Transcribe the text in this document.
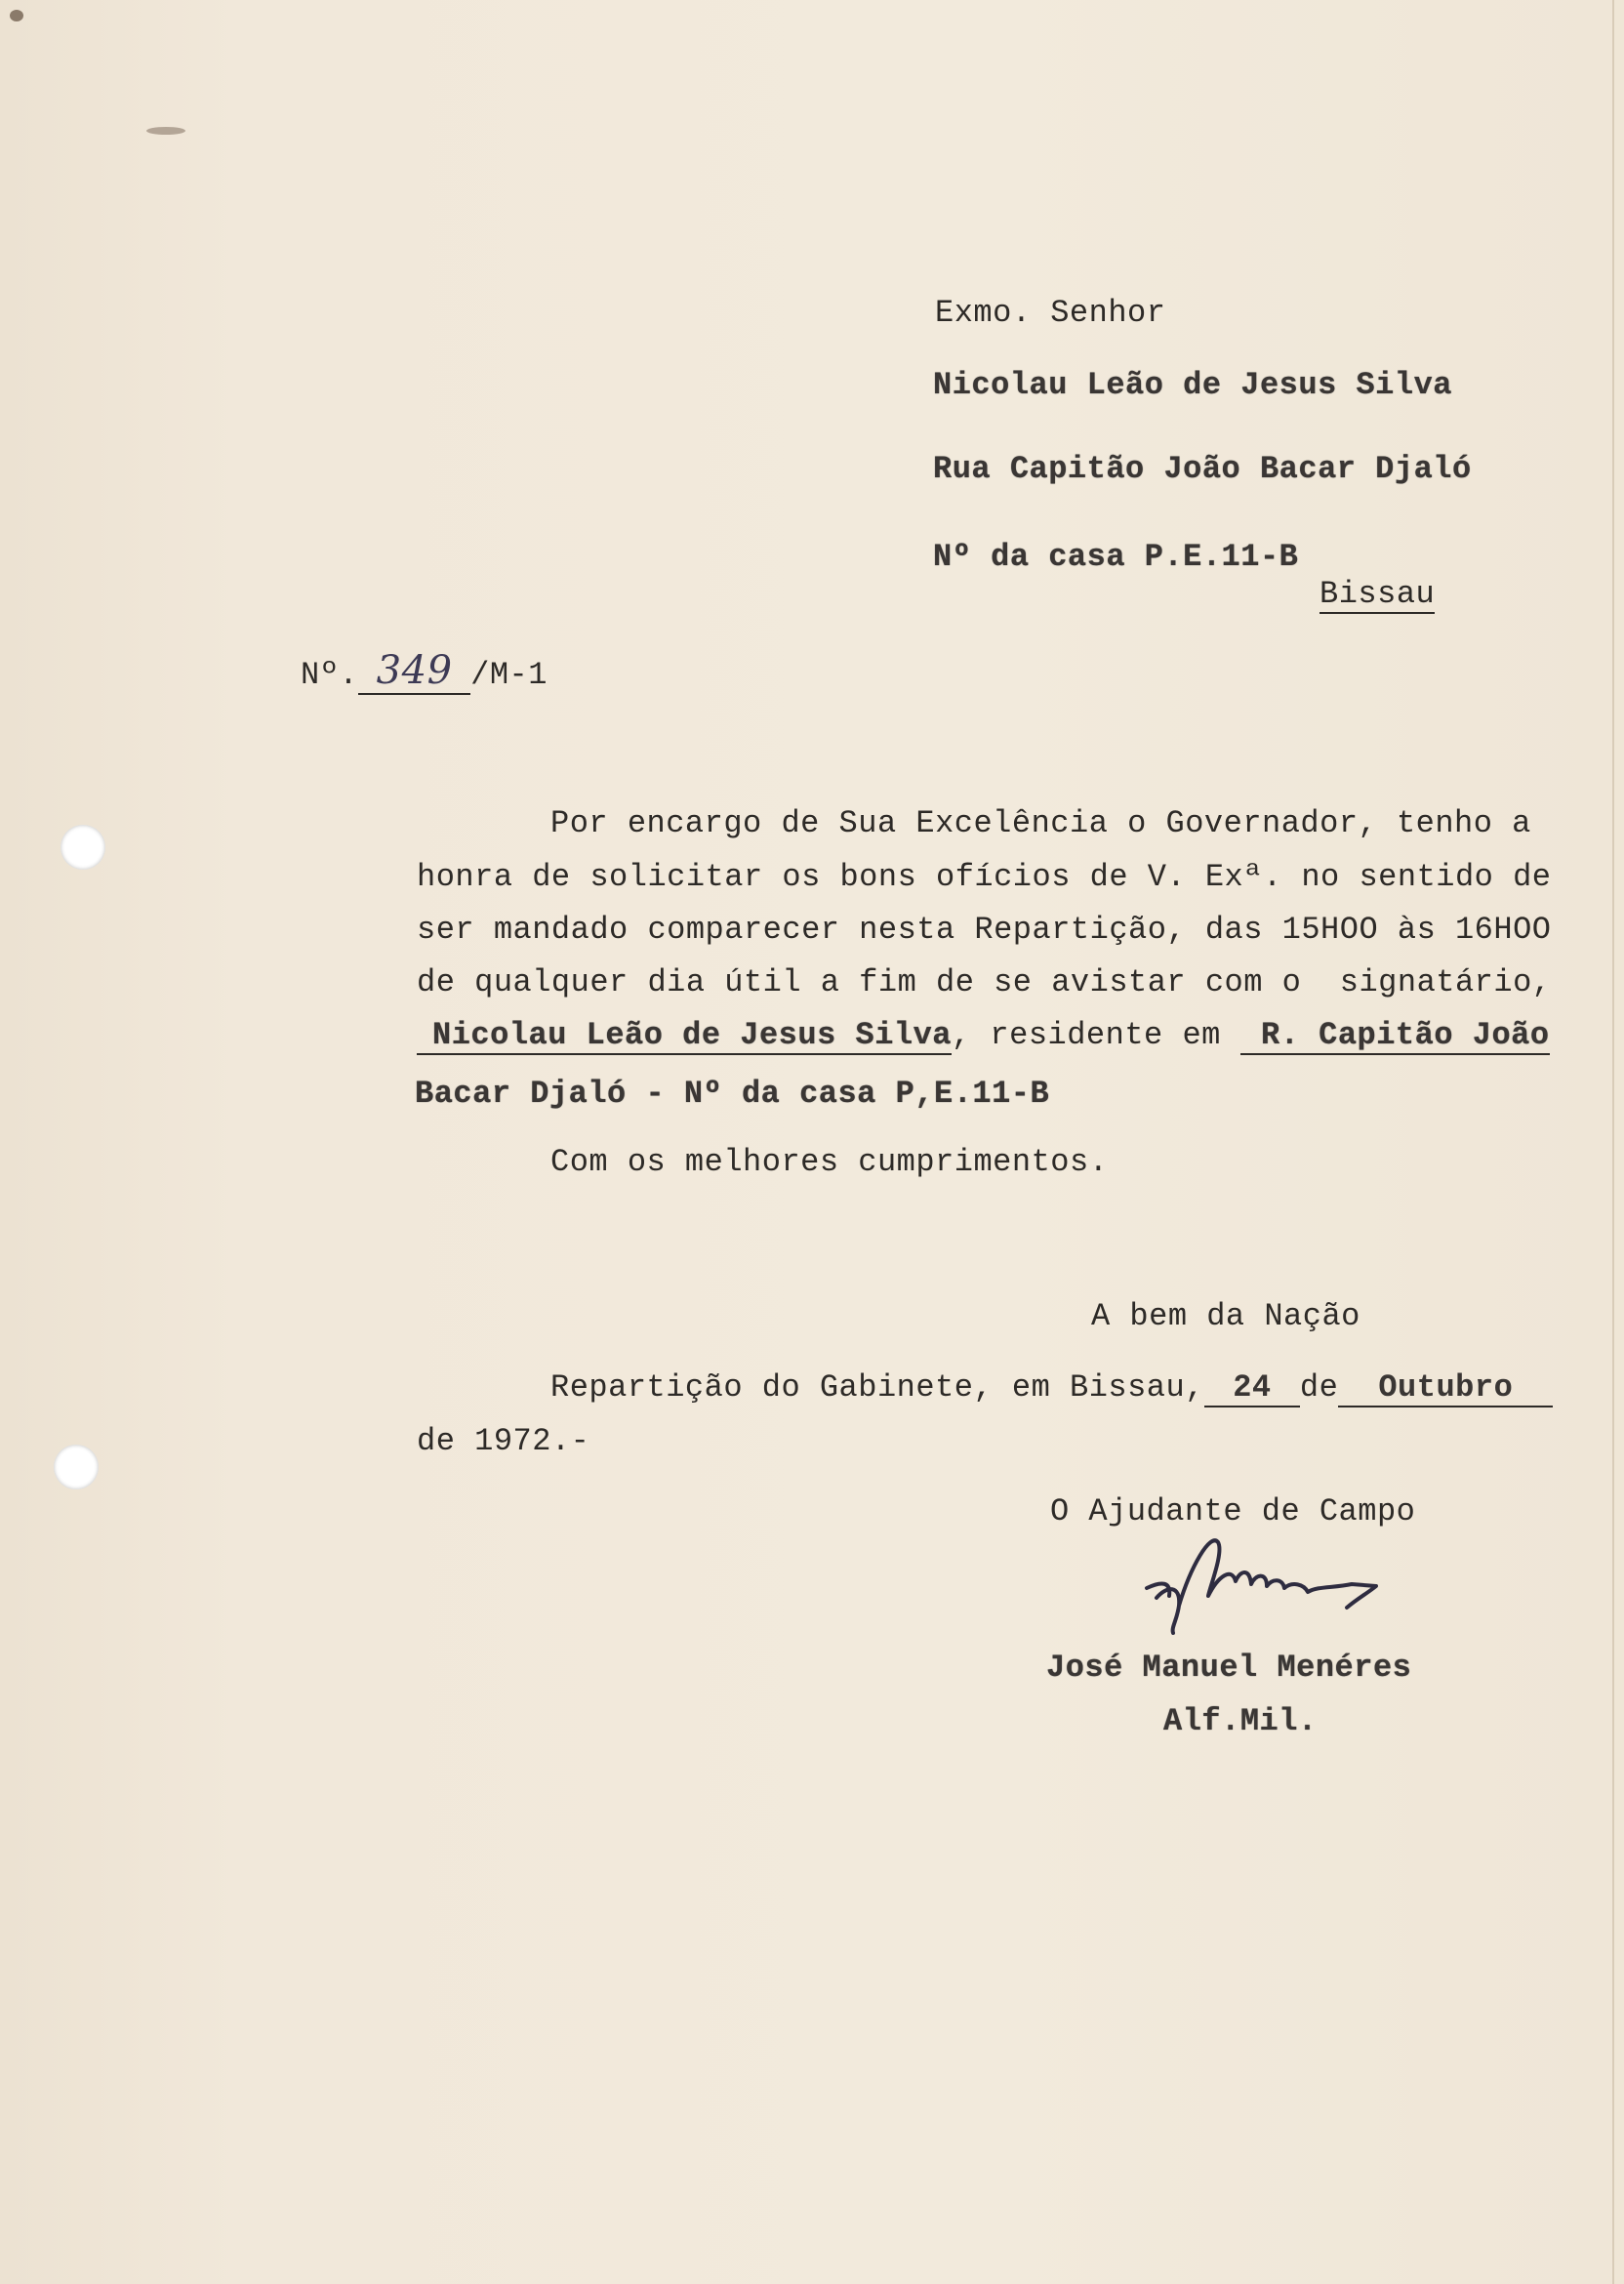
Exmo. Senhor
Nicolau Leão de Jesus Silva
Rua Capitão João Bacar Djaló
Nº da casa P.E.11-B
Bissau
Nº. 349 /M-1
Por encargo de Sua Excelência o Governador, tenho a
honra de solicitar os bons ofícios de V. Exª. no sentido de
ser mandado comparecer nesta Repartição, das 15HOO às 16HOO
de qualquer dia útil a fim de se avistar com o  signatário,
Nicolau Leão de Jesus Silva, residente em R. Capitão João
Bacar Djaló - Nº da casa P,E.11-B
Com os melhores cumprimentos.
A bem da Nação
Repartição do Gabinete, em Bissau, 24 de Outubro
de 1972.-
O Ajudante de Campo
José Manuel Menéres
Alf.Mil.
